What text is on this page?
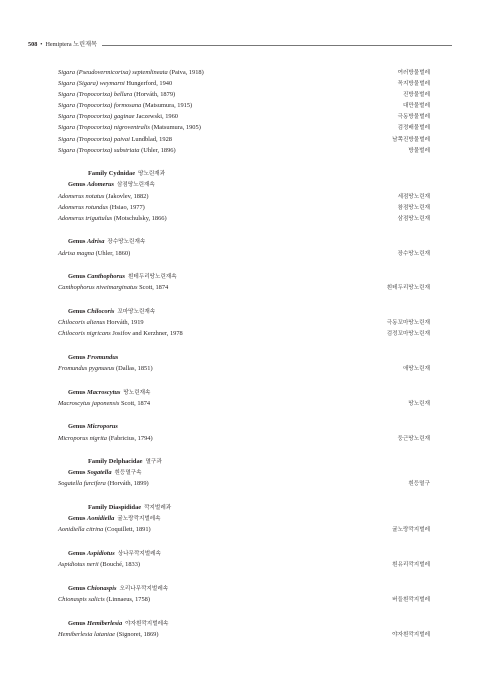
508 • Hemiptera 노린재목
Sigara (Pseudovermicorixa) septemlineata (Paiva, 1918)	여러방물벌레
Sigara (Sigara) weymarni Hungerford, 1940	꼭지방물벌레
Sigara (Tropocorixa) bellura (Horváth, 1879)	진방물벌레
Sigara (Tropocorixa) formosana (Matsumura, 1915)	대만물벌레
Sigara (Tropocorixa) gaginae Jaczewski, 1960	극동방물벌레
Sigara (Tropocorixa) nigroventralis (Matsumura, 1905)	검정배물벌레
Sigara (Tropocorixa) paivai Lundblad, 1928	남쪽진방물벌레
Sigara (Tropocorixa) substriata (Uhler, 1896)	방물벌레
Family Cydnidae 땅노린재과
Genus Adomerus 삼점땅노린재속
Adomerus notatus (Jakovlev, 1882)	세점땅노린재
Adomerus rotundus (Hsiao, 1977)	참점땅노린재
Adomerus triguttulus (Motschulsky, 1866)	삼점땅노린재
Genus Adrisa 장수땅노린재속
Adrisa magna (Uhler, 1860)	장수땅노린재
Genus Canthophorus 흰테두리땅노린재속
Canthophorus niveimarginatus Scott, 1874	흰테두리땅노린재
Genus Chilocoris 꼬마땅노린재속
Chilocoris alienus Horváth, 1919	극동꼬마땅노린재
Chilocoris nigricans Josifov and Kerzhner, 1978	검정꼬마땅노린재
Genus Fromundus
Fromundus pygmaeus (Dallas, 1851)	애땅노린재
Genus Macroscytus 땅노린재속
Macroscytus japonensis Scott, 1874	땅노린재
Genus Microporus
Microporus nigrita (Fabricius, 1794)	둥근땅노린재
Family Delphacidae 멸구과
Genus Sogatella 흰등멸구속
Sogatella furcifera (Horváth, 1899)	흰등멸구
Family Diaspididae 깍지벌레과
Genus Aonidiella 귤노랑깍지벌레속
Aonidiella citrina (Coquillett, 1891)	귤노랑깍지벌레
Genus Aspidiotus 상나무깍지벌레속
Aspidiotus nerii (Bouché, 1833)	흰유리깍지벌레
Genus Chionaspis 오리나무깍지벌레속
Chionaspis salicis (Linnaeus, 1758)	버들흰깍지벌레
Genus Hemiberlesia 야자흰깍지벌레속
Hemiberlesia lataniae (Signoret, 1869)	야자흰깍지벌레
